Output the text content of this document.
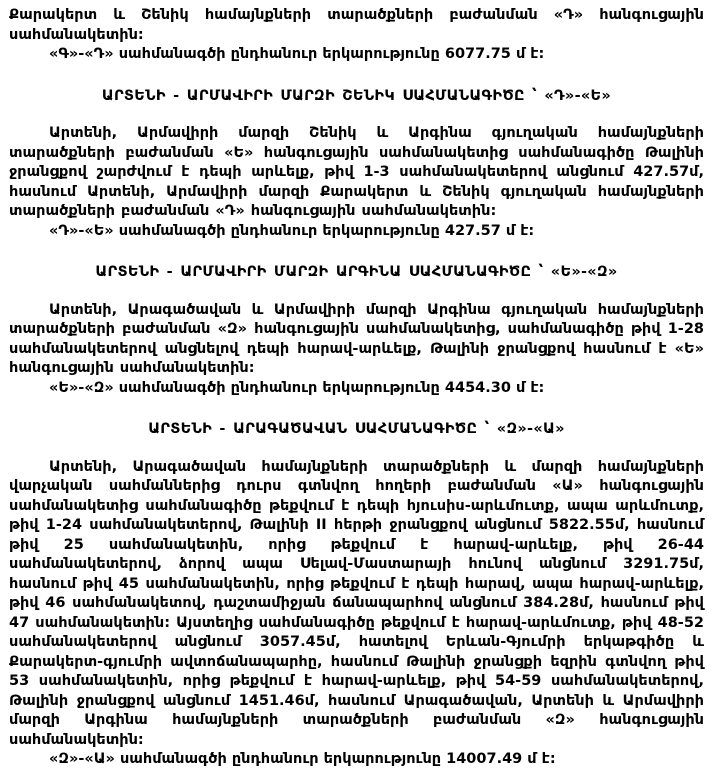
Քարակերտ և Շենիկ համայնքների տարածքների բաժանման «Դ» հանգուցային սահմանակետին:

«Գ»-«Դ» սահմանագծի ընդհանուր երկարությունը 6077.75 մ է:

ԱՐՏԵՆԻ - ԱՐՄԱՎԻՐԻ ՄԱՐԶԻ ՇԵՆԻԿ ՍԱՀՄԱՆԱԳԻԾԸ ՝ «Դ»-«Ե»

Արտենի, Արմավիրի մարզի Շենիկ և Արգինա գյուղական համայնքների տարածքների բաժանման «Ե» հանգուցային սահմանակետից սահմանագիծը Թալինի ջրանցքով շարժվում է դեպի արևելք, թիվ 1-3 սահմանակետերով անցնում 427.57մ, հասնում Արտենի, Արմավիրի մարզի Քարակերտ և Շենիկ գյուղական համայնքների տարածքների բաժանման «Դ» հանգուցային սահմանակետին:

«Դ»-«Ե» սահմանագծի ընդհանուր երկարությունը 427.57 մ է:

ԱՐՏԵՆԻ - ԱՐՄԱՎԻՐԻ ՄԱՐԶԻ ԱՐԳԻՆԱ ՍԱՀՄԱՆԱԳԻԾԸ ՝ «Ե»-«Զ»

Արտենի, Արագածավան և Արմավիրի մարզի Արգինա գյուղական համայնքների տարածքների բաժանման «Զ» հանգուցային սահմանակետից, սահմանագիծը թիվ 1-28 սահմանակետերով անցնելով դեպի հարավ-արևելք, Թալինի ջրանցքով հասնում է «Ե» հանգուցային սահմանակետին:

«Ե»-«Զ» սահմանագծի ընդհանուր երկարությունը 4454.30 մ է:

ԱՐՏԵՆԻ - ԱՐԱԳԱԾԱՎԱՆ ՍԱՀՄԱՆԱԳԻԾԸ ՝ «Զ»-«Ա»

Արտենի, Արագածավան համայնքների տարածքների և մարզի համայնքների վարչական սահմաններից դուրս գտնվող հողերի բաժանման «Ա» հանգուցային սահմանակետից սահմանագիծը թեքվում է դեպի հյուսիս-արևմուտք, ապա արևմուտք, թիվ 1-24 սահմանակետերով, Թալինի II հերթի ջրանցքով անցնում 5822.55մ, հասնում թիվ 25 սահմանակետին, որից թեքվում է հարավ-արևելք, թիվ 26-44 սահմանակետերով, ձորով ապա Սելավ-Մաստարայի հունով անցնում 3291.75մ, հասնում թիվ 45 սահմանակետին, որից թեքվում է դեպի հարավ, ապա հարավ-արևելք, թիվ 46 սահմանակետով, դաշտամիջյան ճանապարհով անցնում 384.28մ, հասնում թիվ 47 սահմանակետին: Այստեղից սահմանագիծը թեքվում է հարավ-արևմուտք, թիվ 48-52 սահմանակետերով անցնում 3057.45մ, հատելով Երևան-Գյումրի երկաթգիծը և Քարակերտ-գյումրի ավտոճանապարհը, հասնում Թալինի ջրանցքի եզրին գտնվող թիվ 53 սահմանակետին, որից թեքվում է հարավ-արևելք, թիվ 54-59 սահմանակետերով, Թալինի ջրանցքով անցնում 1451.46մ, հասնում Արագածավան, Արտենի և Արմավիրի մարզի Արգինա համայնքների տարածքների բաժանման «Զ» հանգուցային սահմանակետին:

«Զ»-«Ա» սահմանագծի ընդհանուր երկարությունը 14007.49 մ է:
